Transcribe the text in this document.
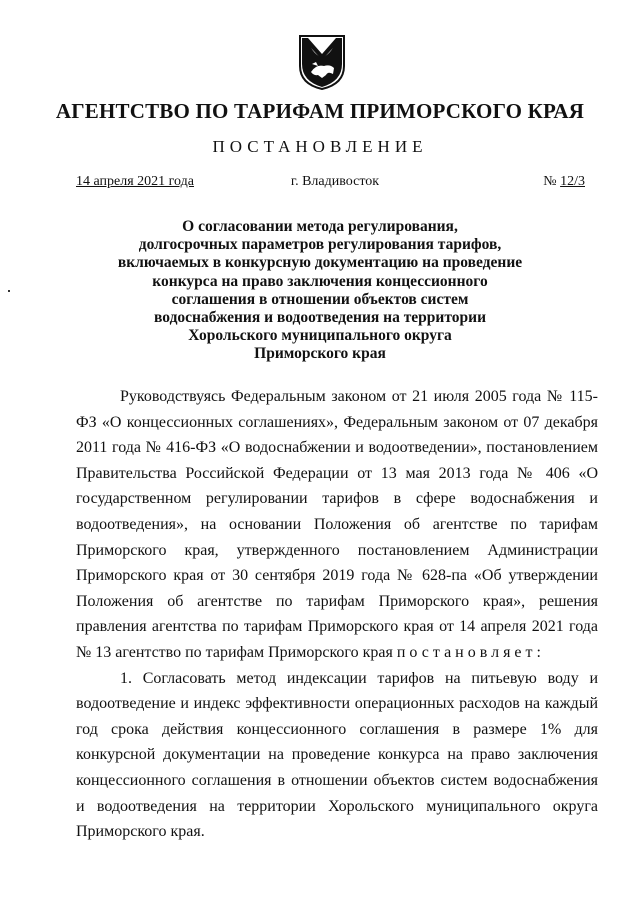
АГЕНТСТВО ПО ТАРИФАМ ПРИМОРСКОГО КРАЯ
ПОСТАНОВЛЕНИЕ
14 апреля 2021 года	г. Владивосток	№ 12/3
О согласовании метода регулирования,
долгосрочных параметров регулирования тарифов,
включаемых в конкурсную документацию на проведение
конкурса на право заключения концессионного
соглашения в отношении объектов систем
водоснабжения и водоотведения на территории
Хорольского муниципального округа
Приморского края

Руководствуясь Федеральным законом от 21 июля 2005 года № 115-ФЗ «О концессионных соглашениях», Федеральным законом от 07 декабря 2011 года № 416-ФЗ «О водоснабжении и водоотведении», постановлением Правительства Российской Федерации от 13 мая 2013 года № 406 «О государственном регулировании тарифов в сфере водоснабжения и водоотведения», на основании Положения об агентстве по тарифам Приморского края, утвержденного постановлением Администрации Приморского края от 30 сентября 2019 года № 628-па «Об утверждении Положения об агентстве по тарифам Приморского края», решения правления агентства по тарифам Приморского края от 14 апреля 2021 года № 13 агентство по тарифам Приморского края постановляет:

1. Согласовать метод индексации тарифов на питьевую воду и водоотведение и индекс эффективности операционных расходов на каждый год срока действия концессионного соглашения в размере 1% для конкурсной документации на проведение конкурса на право заключения концессионного соглашения в отношении объектов систем водоснабжения и водоотведения на территории Хорольского муниципального округа Приморского края.
